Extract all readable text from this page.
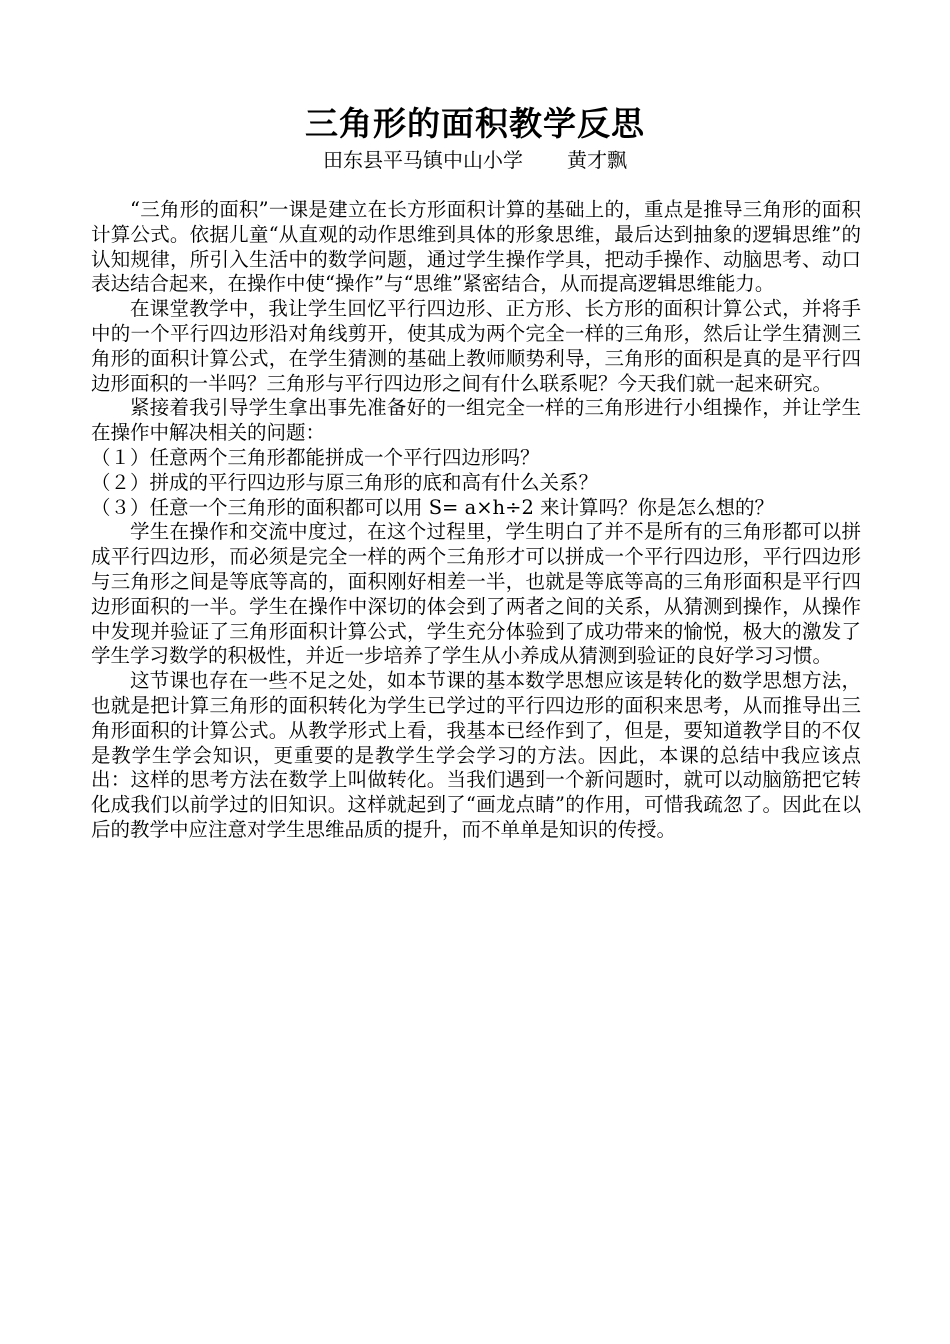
三角形的面积教学反思
田东县平马镇中山小学 黄才飘

“三角形的面积”一课是建立在长方形面积计算的基础上的，重点是推导三角形的面积计算公式。依据儿童“从直观的动作思维到具体的形象思维，最后达到抽象的逻辑思维”的认知规律，所引入生活中的数学问题，通过学生操作学具，把动手操作、动脑思考、动口表达结合起来，在操作中使“操作”与“思维”紧密结合，从而提高逻辑思维能力。

在课堂教学中，我让学生回忆平行四边形、正方形、长方形的面积计算公式，并将手中的一个平行四边形沿对角线剪开，使其成为两个完全一样的三角形，然后让学生猜测三角形的面积计算公式，在学生猜测的基础上教师顺势利导，三角形的面积是真的是平行四边形面积的一半吗？三角形与平行四边形之间有什么联系呢？今天我们就一起来研究。

紧接着我引导学生拿出事先准备好的一组完全一样的三角形进行小组操作，并让学生在操作中解决相关的问题：

（１）任意两个三角形都能拼成一个平行四边形吗？

（２）拼成的平行四边形与原三角形的底和高有什么关系？

（３）任意一个三角形的面积都可以用 S= a×h÷2 来计算吗？你是怎么想的？

学生在操作和交流中度过，在这个过程里，学生明白了并不是所有的三角形都可以拼成平行四边形，而必须是完全一样的两个三角形才可以拼成一个平行四边形，平行四边形与三角形之间是等底等高的，面积刚好相差一半，也就是等底等高的三角形面积是平行四边形面积的一半。学生在操作中深切的体会到了两者之间的关系，从猜测到操作，从操作中发现并验证了三角形面积计算公式，学生充分体验到了成功带来的愉悦，极大的激发了学生学习数学的积极性，并近一步培养了学生从小养成从猜测到验证的良好学习习惯。

这节课也存在一些不足之处，如本节课的基本数学思想应该是转化的数学思想方法，也就是把计算三角形的面积转化为学生已学过的平行四边形的面积来思考，从而推导出三角形面积的计算公式。从教学形式上看，我基本已经作到了，但是，要知道教学目的不仅是教学生学会知识，更重要的是教学生学会学习的方法。因此，本课的总结中我应该点出：这样的思考方法在数学上叫做转化。当我们遇到一个新问题时，就可以动脑筋把它转化成我们以前学过的旧知识。这样就起到了“画龙点睛”的作用，可惜我疏忽了。因此在以后的教学中应注意对学生思维品质的提升，而不单单是知识的传授。
